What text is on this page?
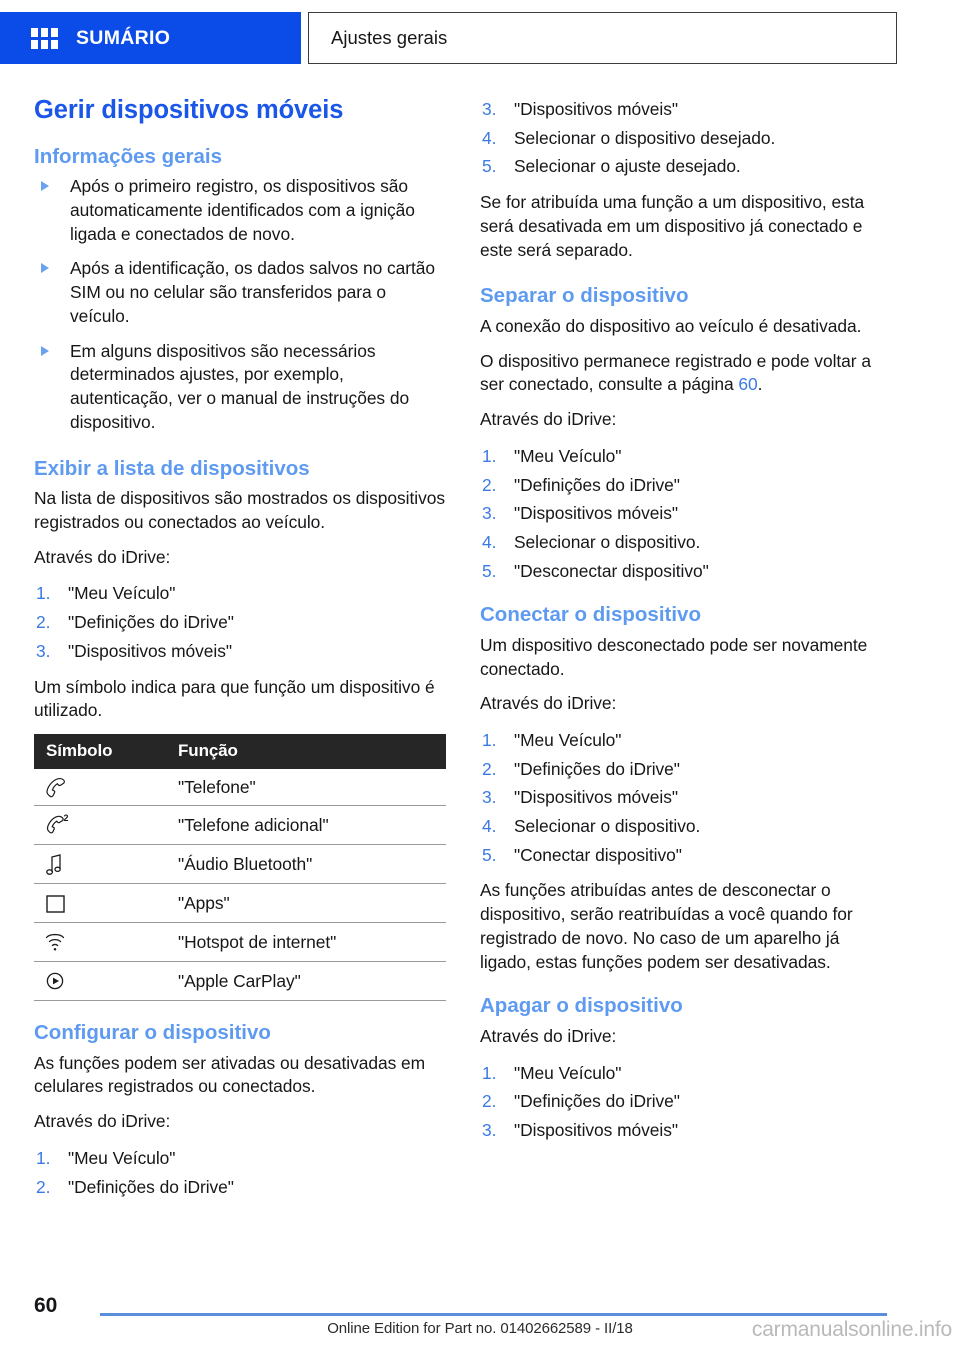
SUMÁRIO	Ajustes gerais
Gerir dispositivos móveis
Informações gerais
Após o primeiro registro, os dispositivos são automaticamente identificados com a ignição ligada e conectados de novo.
Após a identificação, os dados salvos no cartão SIM ou no celular são transferidos para o veículo.
Em alguns dispositivos são necessários determinados ajustes, por exemplo, autenticação, ver o manual de instruções do dispositivo.
Exibir a lista de dispositivos

Na lista de dispositivos são mostrados os dispositivos registrados ou conectados ao veículo.

Através do iDrive:

1. "Meu Veículo"
2. "Definições do iDrive"
3. "Dispositivos móveis"

Um símbolo indica para que função um dispositivo é utilizado.

Símbolo	Função

	"Telefone"

2	"Telefone adicional"

	"Áudio Bluetooth"

	"Apps"

	"Hotspot de internet"

	"Apple CarPlay"
Configurar o dispositivo

As funções podem ser ativadas ou desativadas em celulares registrados ou conectados.

Através do iDrive:

1. "Meu Veículo"
2. "Definições do iDrive"
3. "Dispositivos móveis"
4. Selecionar o dispositivo desejado.
5. Selecionar o ajuste desejado.

Se for atribuída uma função a um dispositivo, esta será desativada em um dispositivo já conectado e este será separado.

Separar o dispositivo

A conexão do dispositivo ao veículo é desativada.

O dispositivo permanece registrado e pode voltar a ser conectado, consulte a página 60.

Através do iDrive:

1. "Meu Veículo"
2. "Definições do iDrive"
3. "Dispositivos móveis"
4. Selecionar o dispositivo.
5. "Desconectar dispositivo"
Conectar o dispositivo

Um dispositivo desconectado pode ser novamente conectado.

Através do iDrive:

1. "Meu Veículo"
2. "Definições do iDrive"
3. "Dispositivos móveis"
4. Selecionar o dispositivo.
5. "Conectar dispositivo"

As funções atribuídas antes de desconectar o dispositivo, serão reatribuídas a você quando for registrado de novo. No caso de um aparelho já ligado, estas funções podem ser desativadas.

Apagar o dispositivo

Através do iDrive:

1. "Meu Veículo"
2. "Definições do iDrive"
3. "Dispositivos móveis"
60
Online Edition for Part no. 01402662589 - II/18	carmanualsonline.info
